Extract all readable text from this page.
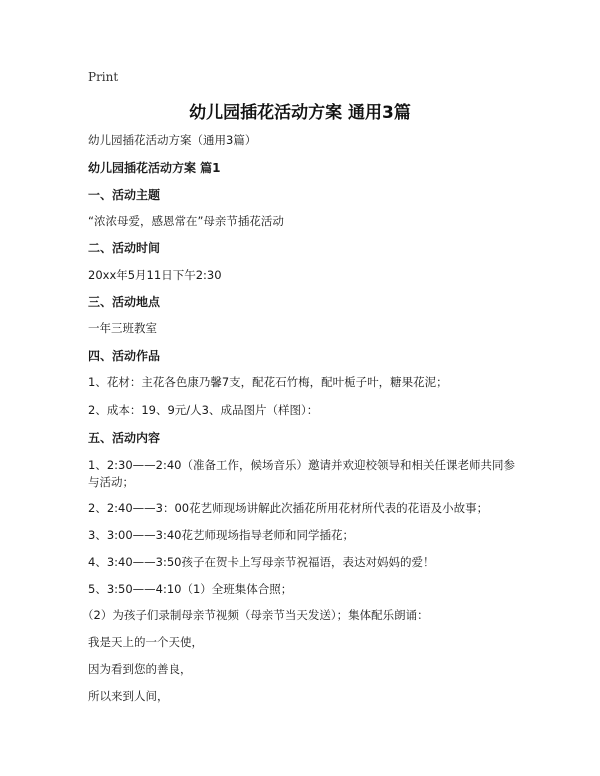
Print
幼儿园插花活动方案 通用3篇
幼儿园插花活动方案（通用3篇）
幼儿园插花活动方案 篇1
一、活动主题
“浓浓母爱，感恩常在”母亲节插花活动
二、活动时间
20xx年5月11日下午2:30
三、活动地点
一年三班教室
四、活动作品
1、花材：主花各色康乃馨7支，配花石竹梅，配叶栀子叶，糖果花泥；
2、成本：19、9元/人3、成品图片（样图）：
五、活动内容
1、2:30——2:40（准备工作，候场音乐）邀请并欢迎校领导和相关任课老师共同参与活动；
2、2:40——3：00花艺师现场讲解此次插花所用花材所代表的花语及小故事；
3、3:00——3:40花艺师现场指导老师和同学插花；
4、3:40——3:50孩子在贺卡上写母亲节祝福语，表达对妈妈的爱！
5、3:50——4:10（1）全班集体合照；
（2）为孩子们录制母亲节视频（母亲节当天发送）；集体配乐朗诵：
我是天上的一个天使，
因为看到您的善良，
所以来到人间，
